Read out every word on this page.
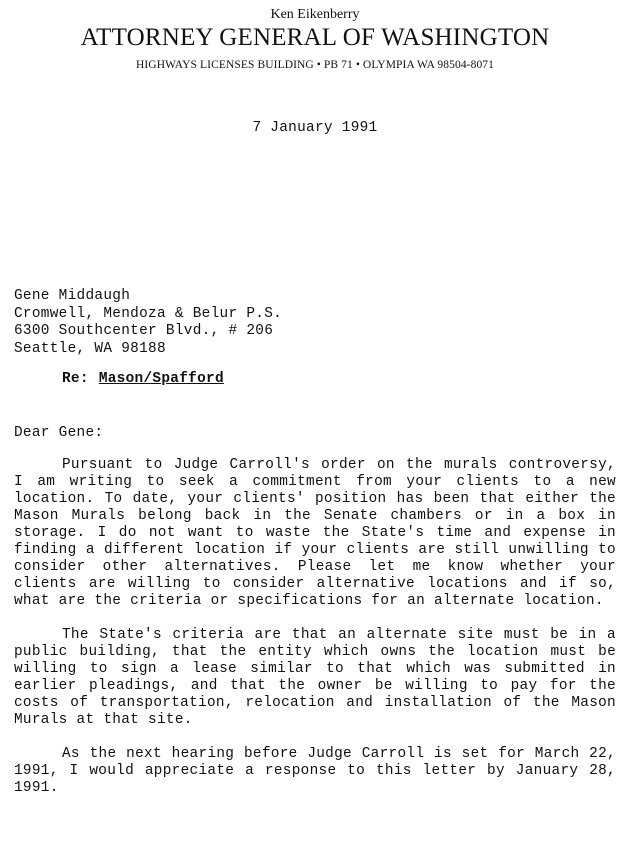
Ken Eikenberry
ATTORNEY GENERAL OF WASHINGTON
HIGHWAYS LICENSES BUILDING • PB 71 • OLYMPIA WA 98504-8071
7 January 1991
Gene Middaugh
Cromwell, Mendoza & Belur P.S.
6300 Southcenter Blvd., # 206
Seattle, WA 98188
Re: Mason/Spafford
Dear Gene:

Pursuant to Judge Carroll's order on the murals controversy, I am writing to seek a commitment from your clients to a new location. To date, your clients' position has been that either the Mason Murals belong back in the Senate chambers or in a box in storage. I do not want to waste the State's time and expense in finding a different location if your clients are still unwilling to consider other alternatives. Please let me know whether your clients are willing to consider alternative locations and if so, what are the criteria or specifications for an alternate location.

The State's criteria are that an alternate site must be in a public building, that the entity which owns the location must be willing to sign a lease similar to that which was submitted in earlier pleadings, and that the owner be willing to pay for the costs of transportation, relocation and installation of the Mason Murals at that site.

As the next hearing before Judge Carroll is set for March 22, 1991, I would appreciate a response to this letter by January 28, 1991.
